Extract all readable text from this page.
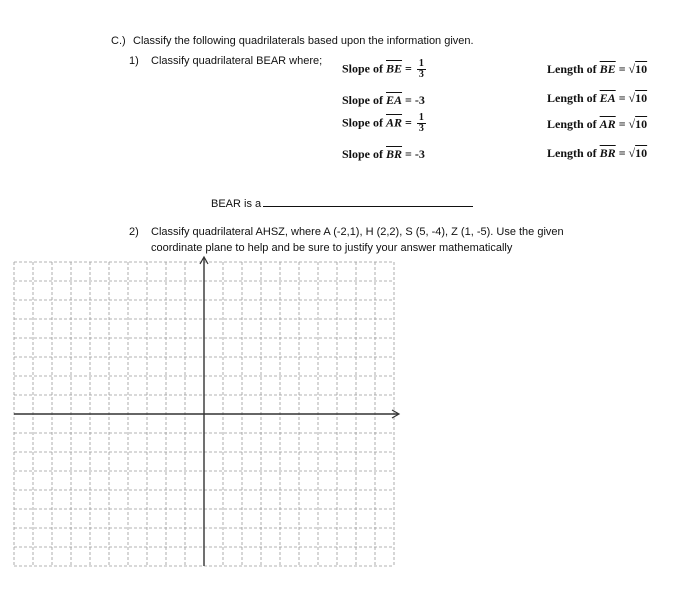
C.) Classify the following quadrilaterals based upon the information given.
1) Classify quadrilateral BEAR where;
Slope of $\overline{BE} = \frac{1}{3}$
Slope of $\overline{EA} = -3$
Slope of $\overline{AR} = \frac{1}{3}$
Slope of $\overline{BR} = -3$
Length of $\overline{BE} = √10$
Length of $\overline{EA} = √10$
Length of $\overline{AR} = √10$
Length of $\overline{BR} = √10$
BEAR is a
2) Classify quadrilateral AHSZ, where A (-2,1), H (2,2), S (5, -4), Z (1, -5). Use the given
coordinate plane to help and be sure to justify your answer mathematically
